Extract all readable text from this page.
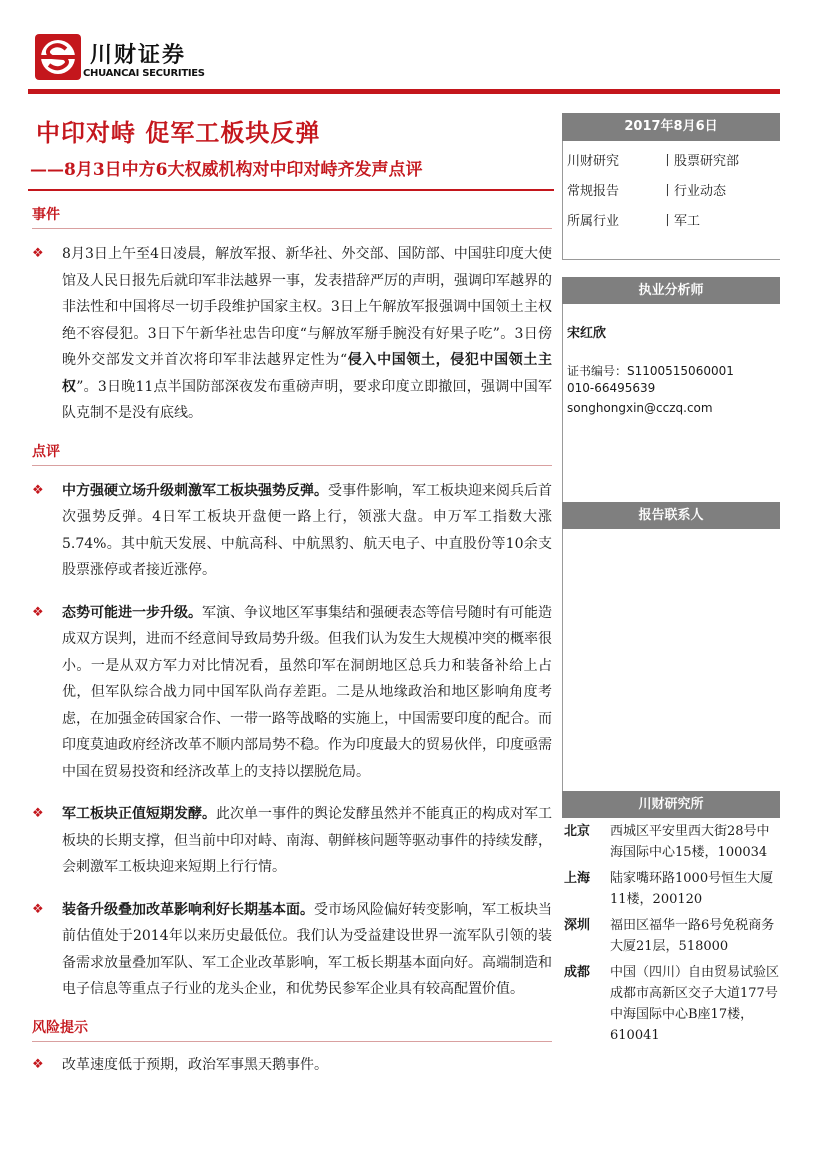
川财证券
CHUANCAI SECURITIES
中印对峙 促军工板块反弹
——8月3日中方6大权威机构对中印对峙齐发声点评
事件

❖ 8月3日上午至4日凌晨，解放军报、新华社、外交部、国防部、中国驻印度大使馆及人民日报先后就印军非法越界一事，发表措辞严厉的声明，强调印军越界的非法性和中国将尽一切手段维护国家主权。3日上午解放军报强调中国领土主权绝不容侵犯。3日下午新华社忠告印度“与解放军掰手腕没有好果子吃”。3日傍晚外交部发文并首次将印军非法越界定性为“侵入中国领土，侵犯中国领土主权”。3日晚11点半国防部深夜发布重磅声明，要求印度立即撤回，强调中国军队克制不是没有底线。

点评

❖ 中方强硬立场升级刺激军工板块强势反弹。受事件影响，军工板块迎来阅兵后首次强势反弹。4日军工板块开盘便一路上行，领涨大盘。申万军工指数大涨5.74%。其中航天发展、中航高科、中航黑豹、航天电子、中直股份等10余支股票涨停或者接近涨停。

❖ 态势可能进一步升级。军演、争议地区军事集结和强硬表态等信号随时有可能造成双方误判，进而不经意间导致局势升级。但我们认为发生大规模冲突的概率很小。一是从双方军力对比情况看，虽然印军在洞朗地区总兵力和装备补给上占优，但军队综合战力同中国军队尚存差距。二是从地缘政治和地区影响角度考虑，在加强金砖国家合作、一带一路等战略的实施上，中国需要印度的配合。而印度莫迪政府经济改革不顺内部局势不稳。作为印度最大的贸易伙伴，印度亟需中国在贸易投资和经济改革上的支持以摆脱危局。

❖ 军工板块正值短期发酵。此次单一事件的舆论发酵虽然并不能真正的构成对军工板块的长期支撑，但当前中印对峙、南海、朝鲜核问题等驱动事件的持续发酵，会刺激军工板块迎来短期上行行情。

❖ 装备升级叠加改革影响利好长期基本面。受市场风险偏好转变影响，军工板块当前估值处于2014年以来历史最低位。我们认为受益建设世界一流军队引领的装备需求放量叠加军队、军工企业改革影响，军工板长期基本面向好。高端制造和电子信息等重点子行业的龙头企业，和优势民参军企业具有较高配置价值。

风险提示

❖ 改革速度低于预期，政治军事黑天鹅事件。

2017年8月6日
川财研究	丨股票研究部
常规报告	丨行业动态
所属行业	丨军工
执业分析师
宋红欣
证书编号：S1100515060001
010-66495639
songhongxin@cczq.com
报告联系人
川财研究所
北京	西城区平安里西大街28号中海国际中心15楼，100034
上海	陆家嘴环路1000号恒生大厦11楼，200120
深圳	福田区福华一路6号免税商务大厦21层，518000
成都	中国（四川）自由贸易试验区成都市高新区交子大道177号中海国际中心B座17楼，610041
